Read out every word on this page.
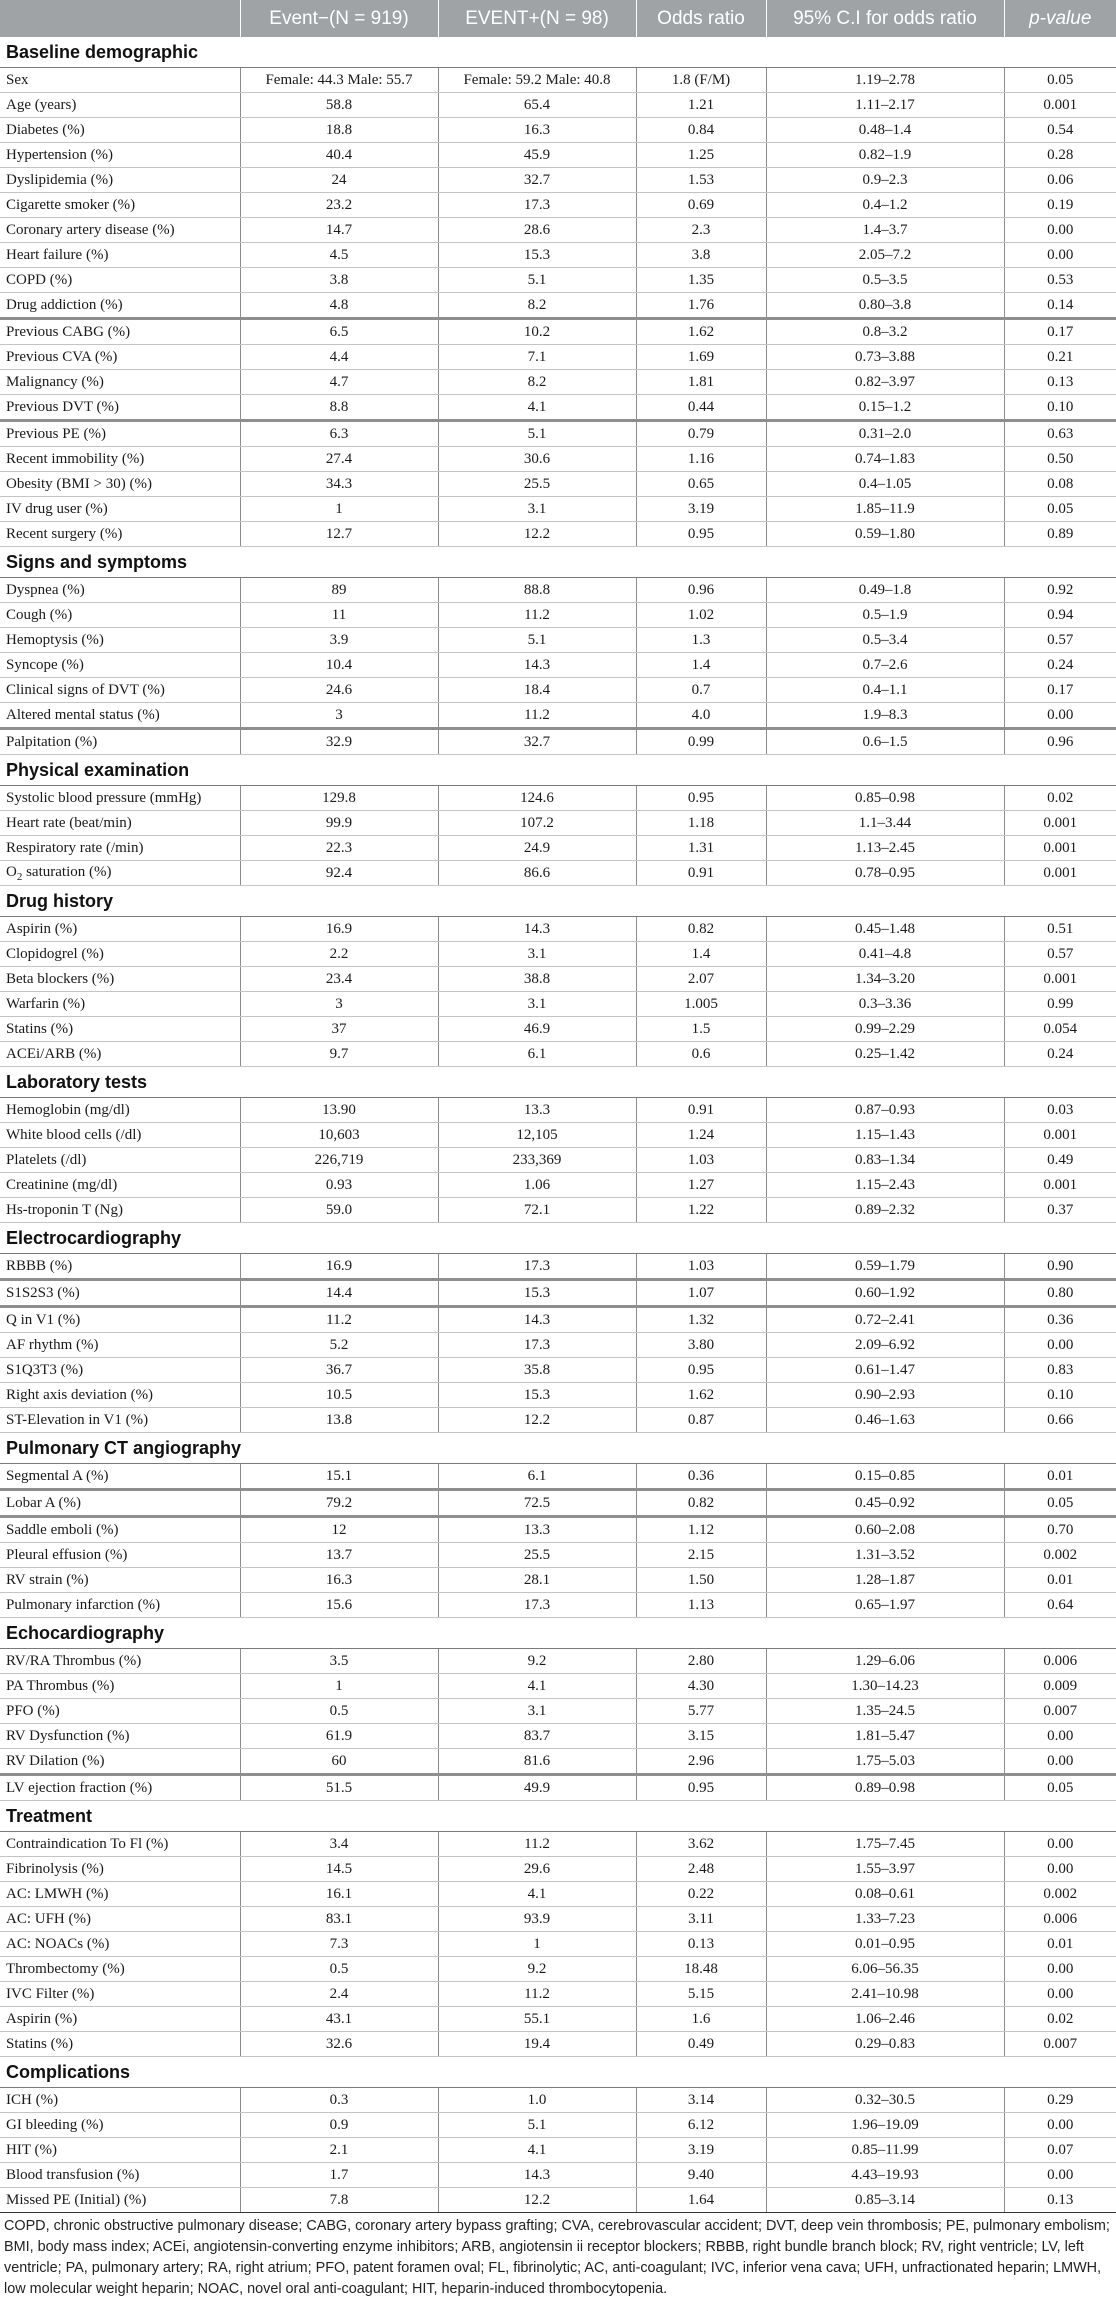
	Event−(N = 919)	EVENT+(N = 98)	Odds ratio	95% C.I for odds ratio	p-value
Baseline demographic					
Sex	Female: 44.3 Male: 55.7	Female: 59.2 Male: 40.8	1.8 (F/M)	1.19–2.78	0.05
Age (years)	58.8	65.4	1.21	1.11–2.17	0.001
Diabetes (%)	18.8	16.3	0.84	0.48–1.4	0.54
Hypertension (%)	40.4	45.9	1.25	0.82–1.9	0.28
Dyslipidemia (%)	24	32.7	1.53	0.9–2.3	0.06
Cigarette smoker (%)	23.2	17.3	0.69	0.4–1.2	0.19
Coronary artery disease (%)	14.7	28.6	2.3	1.4–3.7	0.00
Heart failure (%)	4.5	15.3	3.8	2.05–7.2	0.00
COPD (%)	3.8	5.1	1.35	0.5–3.5	0.53
Drug addiction (%)	4.8	8.2	1.76	0.80–3.8	0.14
Previous CABG (%)	6.5	10.2	1.62	0.8–3.2	0.17
Previous CVA (%)	4.4	7.1	1.69	0.73–3.88	0.21
Malignancy (%)	4.7	8.2	1.81	0.82–3.97	0.13
Previous DVT (%)	8.8	4.1	0.44	0.15–1.2	0.10
Previous PE (%)	6.3	5.1	0.79	0.31–2.0	0.63
Recent immobility (%)	27.4	30.6	1.16	0.74–1.83	0.50
Obesity (BMI > 30) (%)	34.3	25.5	0.65	0.4–1.05	0.08
IV drug user (%)	1	3.1	3.19	1.85–11.9	0.05
Recent surgery (%)	12.7	12.2	0.95	0.59–1.80	0.89
Signs and symptoms					
Dyspnea (%)	89	88.8	0.96	0.49–1.8	0.92
Cough (%)	11	11.2	1.02	0.5–1.9	0.94
Hemoptysis (%)	3.9	5.1	1.3	0.5–3.4	0.57
Syncope (%)	10.4	14.3	1.4	0.7–2.6	0.24
Clinical signs of DVT (%)	24.6	18.4	0.7	0.4–1.1	0.17
Altered mental status (%)	3	11.2	4.0	1.9–8.3	0.00
Palpitation (%)	32.9	32.7	0.99	0.6–1.5	0.96
Physical examination					
Systolic blood pressure (mmHg)	129.8	124.6	0.95	0.85–0.98	0.02
Heart rate (beat/min)	99.9	107.2	1.18	1.1–3.44	0.001
Respiratory rate (/min)	22.3	24.9	1.31	1.13–2.45	0.001
$O_2$ saturation (%)	92.4	86.6	0.91	0.78–0.95	0.001
Drug history					
Aspirin (%)	16.9	14.3	0.82	0.45–1.48	0.51
Clopidogrel (%)	2.2	3.1	1.4	0.41–4.8	0.57
Beta blockers (%)	23.4	38.8	2.07	1.34–3.20	0.001
Warfarin (%)	3	3.1	1.005	0.3–3.36	0.99
Statins (%)	37	46.9	1.5	0.99–2.29	0.054
ACEi/ARB (%)	9.7	6.1	0.6	0.25–1.42	0.24
Laboratory tests					
Hemoglobin (mg/dl)	13.90	13.3	0.91	0.87–0.93	0.03
White blood cells (/dl)	10,603	12,105	1.24	1.15–1.43	0.001
Platelets (/dl)	226,719	233,369	1.03	0.83–1.34	0.49
Creatinine (mg/dl)	0.93	1.06	1.27	1.15–2.43	0.001
Hs-troponin T (Ng)	59.0	72.1	1.22	0.89–2.32	0.37
Electrocardiography					
RBBB (%)	16.9	17.3	1.03	0.59–1.79	0.90
S1S2S3 (%)	14.4	15.3	1.07	0.60–1.92	0.80
Q in V1 (%)	11.2	14.3	1.32	0.72–2.41	0.36
AF rhythm (%)	5.2	17.3	3.80	2.09–6.92	0.00
S1Q3T3 (%)	36.7	35.8	0.95	0.61–1.47	0.83
Right axis deviation (%)	10.5	15.3	1.62	0.90–2.93	0.10
ST-Elevation in V1 (%)	13.8	12.2	0.87	0.46–1.63	0.66
Pulmonary CT angiography					
Segmental A (%)	15.1	6.1	0.36	0.15–0.85	0.01
Lobar A (%)	79.2	72.5	0.82	0.45–0.92	0.05
Saddle emboli (%)	12	13.3	1.12	0.60–2.08	0.70
Pleural effusion (%)	13.7	25.5	2.15	1.31–3.52	0.002
RV strain (%)	16.3	28.1	1.50	1.28–1.87	0.01
Pulmonary infarction (%)	15.6	17.3	1.13	0.65–1.97	0.64
Echocardiography					
RV/RA Thrombus (%)	3.5	9.2	2.80	1.29–6.06	0.006
PA Thrombus (%)	1	4.1	4.30	1.30–14.23	0.009
PFO (%)	0.5	3.1	5.77	1.35–24.5	0.007
RV Dysfunction (%)	61.9	83.7	3.15	1.81–5.47	0.00
RV Dilation (%)	60	81.6	2.96	1.75–5.03	0.00
LV ejection fraction (%)	51.5	49.9	0.95	0.89–0.98	0.05
Treatment					
Contraindication To Fl (%)	3.4	11.2	3.62	1.75–7.45	0.00
Fibrinolysis (%)	14.5	29.6	2.48	1.55–3.97	0.00
AC: LMWH (%)	16.1	4.1	0.22	0.08–0.61	0.002
AC: UFH (%)	83.1	93.9	3.11	1.33–7.23	0.006
AC: NOACs (%)	7.3	1	0.13	0.01–0.95	0.01
Thrombectomy (%)	0.5	9.2	18.48	6.06–56.35	0.00
IVC Filter (%)	2.4	11.2	5.15	2.41–10.98	0.00
Aspirin (%)	43.1	55.1	1.6	1.06–2.46	0.02
Statins (%)	32.6	19.4	0.49	0.29–0.83	0.007
Complications					
ICH (%)	0.3	1.0	3.14	0.32–30.5	0.29
GI bleeding (%)	0.9	5.1	6.12	1.96–19.09	0.00
HIT (%)	2.1	4.1	3.19	0.85–11.99	0.07
Blood transfusion (%)	1.7	14.3	9.40	4.43–19.93	0.00
Missed PE (Initial) (%)	7.8	12.2	1.64	0.85–3.14	0.13
COPD, chronic obstructive pulmonary disease; CABG, coronary artery bypass grafting; CVA, cerebrovascular accident; DVT, deep vein thrombosis; PE, pulmonary embolism; BMI, body mass index; ACEi, angiotensin-converting enzyme inhibitors; ARB, angiotensin ii receptor blockers; RBBB, right bundle branch block; RV, right ventricle; LV, left ventricle; PA, pulmonary artery; RA, right atrium; PFO, patent foramen oval; FL, fibrinolytic; AC, anti-coagulant; IVC, inferior vena cava; UFH, unfractionated heparin; LMWH, low molecular weight heparin; NOAC, novel oral anti-coagulant; HIT, heparin-induced thrombocytopenia.
